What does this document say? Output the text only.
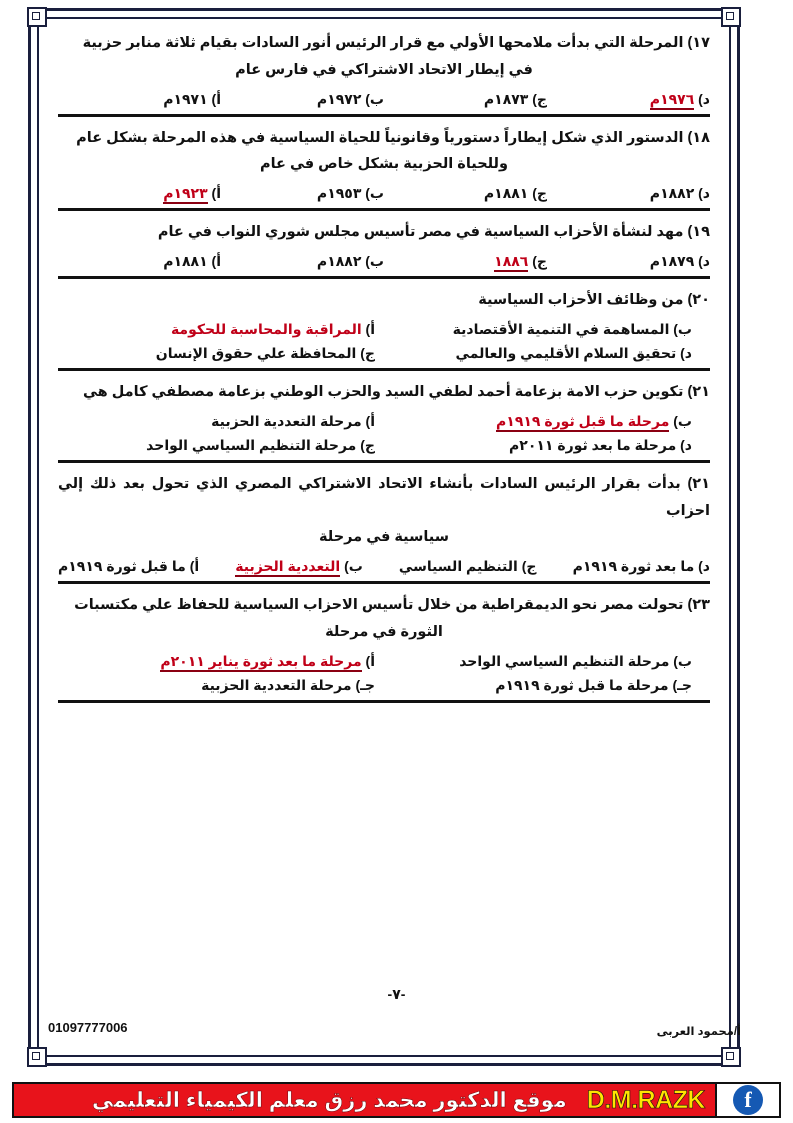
١٧) المرحلة التي بدأت ملامحها الأولي مع قرار الرئيس أنور السادات بقيام ثلاثة منابر حزبية

في إيطار الاتحاد الاشتراكي في فارس عام

د) ١٩٧٦م
ج) ١٨٧٣م
ب) ١٩٧٢م
أ) ١٩٧١م

١٨) الدستور الذي شكل إيطاراً دستورياً وقانونياً للحياة السياسية في هذه المرحلة بشكل عام

وللحياة الحزبية بشكل خاص في عام

د) ١٨٨٢م
ج) ١٨٨١م
ب) ١٩٥٣م
أ) ١٩٢٣م

١٩) مهد لنشأة الأحزاب السياسية في مصر تأسيس مجلس شوري النواب في عام

د) ١٨٧٩م
ج) ١٨٨٦
ب) ١٨٨٢م
أ) ١٨٨١م

٢٠) من وظائف الأحزاب السياسية

ب) المساهمة في التنمية الأقتصادية
أ) المراقبة والمحاسبة للحكومة
د) تحقيق السلام الأقليمي والعالمي
ج) المحافظة علي حقوق الإنسان

٢١) تكوين حزب الامة بزعامة أحمد لطفي السيد والحزب الوطني بزعامة مصطفي كامل هي

ب) مرحلة ما قبل ثورة ١٩١٩م
أ) مرحلة التعددية الحزبية
د) مرحلة ما بعد ثورة ٢٠١١م
ج) مرحلة التنظيم السياسي الواحد

٢١) بدأت بقرار الرئيس السادات بأنشاء الاتحاد الاشتراكي المصري الذي تحول بعد ذلك إلي احزاب

سياسية في مرحلة

د) ما بعد ثورة ١٩١٩م
ج) التنظيم السياسي
ب) التعددية الحزبية
أ) ما قبل ثورة ١٩١٩م

٢٣) تحولت مصر نحو الديمقراطية من خلال تأسيس الاحزاب السياسية للحفاظ علي مكتسبات

الثورة في مرحلة

ب) مرحلة التنظيم السياسي الواحد
أ) مرحلة ما بعد ثورة يناير ٢٠١١م
جـ) مرحلة ما قبل ثورة ١٩١٩م
جـ) مرحلة التعددية الحزبية
-٧-
01097777006	أ/محمود العربى
f
D.M.RAZK
موقع الدكتور محمد رزق معلم الكيمياء التعليمي
